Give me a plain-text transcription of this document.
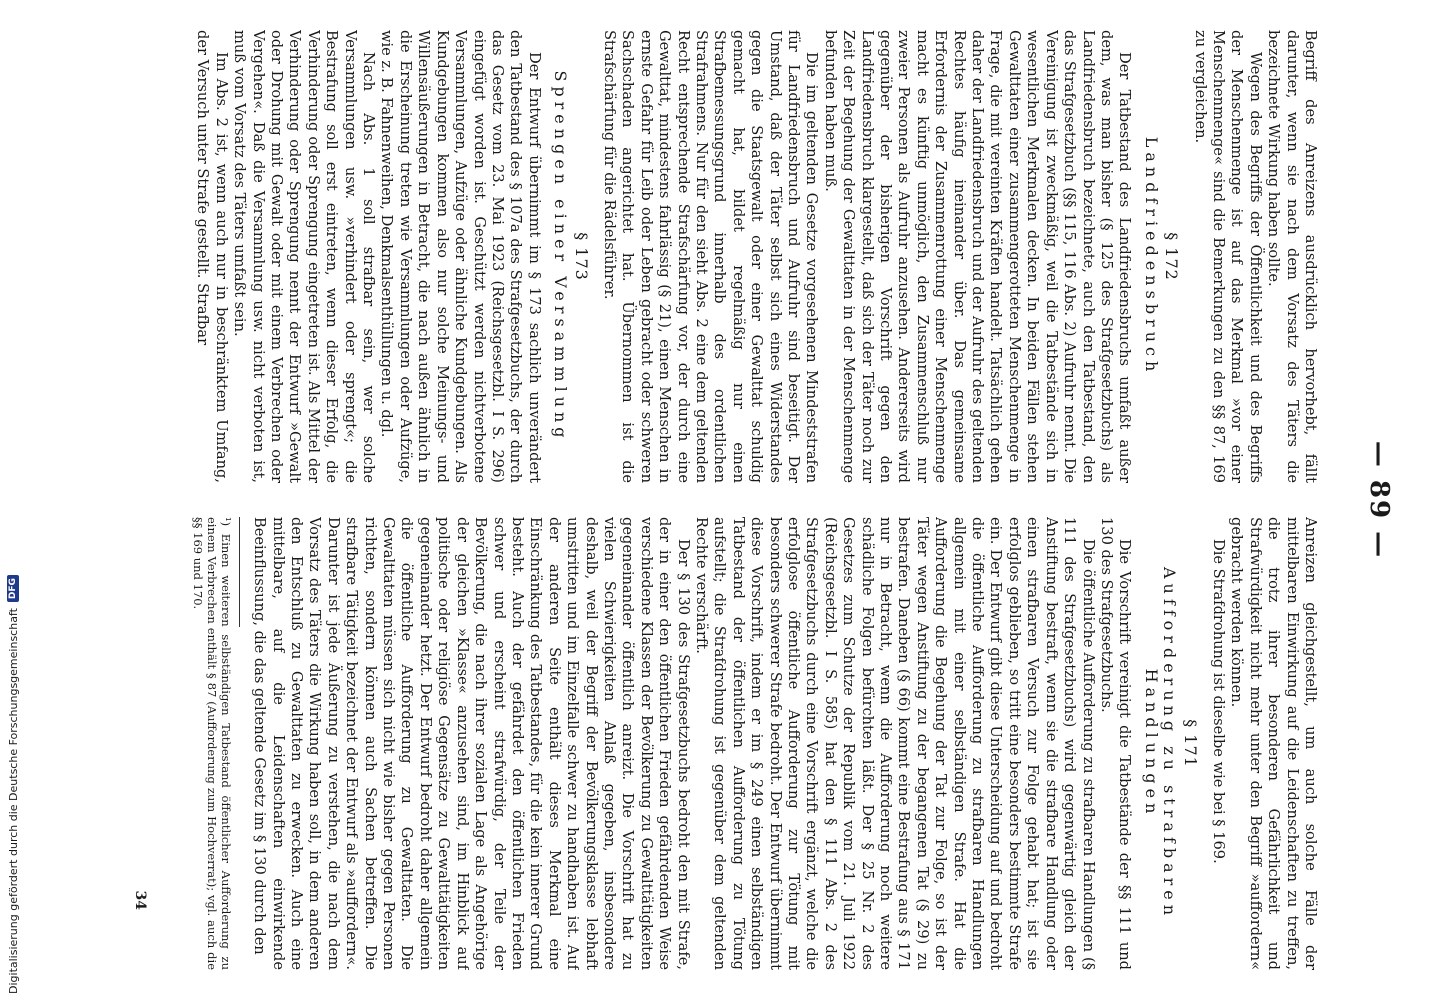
— 89 —

Begriff des Anreizens ausdrücklich hervorhebt, fällt darunter, wenn sie nach dem Vorsatz des Täters die bezeichnete Wirkung haben sollte.

Wegen des Begriffs der Öffentlichkeit und des Begriffs der Menschenmenge ist auf das Merkmal »vor einer Menschenmenge« sind die Bemerkungen zu den §§ 87, 169 zu vergleichen.

§ 172
Landfriedensbruch

Der Tatbestand des Landfriedensbruchs umfaßt außer dem, was man bisher (§ 125 des Strafgesetzbuchs) als Landfriedensbruch bezeichnete, auch den Tatbestand, den das Strafgesetzbuch (§§ 115, 116 Abs. 2) Aufruhr nennt. Die Vereinigung ist zweckmäßig, weil die Tatbestände sich in wesentlichen Merkmalen decken. In beiden Fällen stehen Gewalttaten einer zusammengerotteten Menschenmenge in Frage, die mit vereinten Kräften handelt. Tatsächlich gehen daher der Landfriedensbruch und der Aufruhr des geltenden Rechtes häufig ineinander über. Das gemeinsame Erfordernis der Zusammenrottung einer Menschenmenge macht es künftig unmöglich, den Zusammenschluß nur zweier Personen als Aufruhr anzusehen. Andererseits wird gegenüber der bisherigen Vorschrift gegen den Landfriedensbruch klargestellt, daß sich der Täter noch zur Zeit der Begehung der Gewalttaten in der Menschenmenge befunden haben muß.

Die im geltenden Gesetze vorgesehenen Mindeststrafen für Landfriedensbruch und Aufruhr sind beseitigt. Der Umstand, daß der Täter selbst sich eines Widerstandes gegen die Staatsgewalt oder einer Gewalttat schuldig gemacht hat, bildet regelmäßig nur einen Strafbemessungsgrund innerhalb des ordentlichen Strafrahmens. Nur für den sieht Abs. 2 eine dem geltenden Recht entsprechende Strafschärfung vor, der durch eine Gewalttat, mindestens fahrlässig (§ 21), einen Menschen in ernste Gefahr für Leib oder Leben gebracht oder schweren Sachschaden angerichtet hat. Übernommen ist die Strafschärfung für die Rädelsführer.

§ 173
Sprengen einer Versammlung

Der Entwurf übernimmt im § 173 sachlich unverändert den Tatbestand des § 107a des Strafgesetzbuchs, der durch das Gesetz vom 23. Mai 1923 (Reichsgesetzbl. I S. 296) eingefügt worden ist. Geschützt werden nichtverbotene Versammlungen, Aufzüge oder ähnliche Kundgebungen. Als Kundgebungen kommen also nur solche Meinungs- und Willensäußerungen in Betracht, die nach außen ähnlich in die Erscheinung treten wie Versammlungen oder Aufzüge, wie z. B. Fahnenweihen, Denkmalsenthüllungen u. dgl.

Nach Abs. 1 soll strafbar sein, wer solche Versammlungen usw. »verhindert oder sprengt«; die Bestrafung soll erst eintreten, wenn dieser Erfolg, die Verhinderung oder Sprengung eingetreten ist. Als Mittel der Verhinderung oder Sprengung nennt der Entwurf »Gewalt oder Drohung mit Gewalt oder mit einem Verbrechen oder Vergehen«. Daß die Versammlung usw. nicht verboten ist, muß vom Vorsatz des Täters umfaßt sein.

Im Abs. 2 ist, wenn auch nur in beschränktem Umfang, der Versuch unter Strafe gestellt. Strafbar

Anreizen gleichgestellt, um auch solche Fälle der mittelbaren Einwirkung auf die Leidenschaften zu treffen, die trotz ihrer besonderen Gefährlichkeit und Strafwürdigkeit nicht mehr unter den Begriff »auffordern« gebracht werden können.

Die Strafdrohung ist dieselbe wie bei § 169.

§ 171
Aufforderung zu strafbaren Handlungen

Die Vorschrift vereinigt die Tatbestände der §§ 111 und 130 des Strafgesetzbuchs.

Die öffentliche Aufforderung zu strafbaren Handlungen (§ 111 des Strafgesetzbuchs) wird gegenwärtig gleich der Anstiftung bestraft, wenn sie die strafbare Handlung oder einen strafbaren Versuch zur Folge gehabt hat; ist sie erfolglos geblieben, so tritt eine besonders bestimmte Strafe ein. Der Entwurf gibt diese Unterscheidung auf und bedroht die öffentliche Aufforderung zu strafbaren Handlungen allgemein mit einer selbständigen Strafe. Hat die Aufforderung die Begehung der Tat zur Folge, so ist der Täter wegen Anstiftung zu der begangenen Tat (§ 29) zu bestrafen. Daneben (§ 66) kommt eine Bestrafung aus § 171 nur in Betracht, wenn die Aufforderung noch weitere schädliche Folgen befürchten läßt. Der § 25 Nr. 2 des Gesetzes zum Schutze der Republik vom 21. Juli 1922 (Reichsgesetzbl. I S. 585) hat den § 111 Abs. 2 des Strafgesetzbuchs durch eine Vorschrift ergänzt, welche die erfolglose öffentliche Aufforderung zur Tötung mit besonders schwerer Strafe bedroht. Der Entwurf übernimmt diese Vorschrift, indem er im § 249 einen selbständigen Tatbestand der öffentlichen Aufforderung zu Tötung aufstellt; die Strafdrohung ist gegenüber dem geltenden Rechte verschärft.

Der § 130 des Strafgesetzbuchs bedroht den mit Strafe, der in einer den öffentlichen Frieden gefährdenden Weise verschiedene Klassen der Bevölkerung zu Gewalttätigkeiten gegeneinander öffentlich anreizt. Die Vorschrift hat zu vielen Schwierigkeiten Anlaß gegeben, insbesondere deshalb, weil der Begriff der Bevölkerungsklasse lebhaft umstritten und im Einzelfalle schwer zu handhaben ist. Auf der anderen Seite enthält dieses Merkmal eine Einschränkung des Tatbestandes, für die kein innerer Grund besteht. Auch der gefährdet den öffentlichen Frieden schwer und erscheint strafwürdig, der Teile der Bevölkerung, die nach ihrer sozialen Lage als Angehörige der gleichen »Klasse« anzusehen sind, im Hinblick auf politische oder religiöse Gegensätze zu Gewalttätigkeiten gegeneinander hetzt. Der Entwurf bedroht daher allgemein die öffentliche Aufforderung zu Gewalttaten. Die Gewalttaten müssen sich nicht wie bisher gegen Personen richten, sondern können auch Sachen betreffen. Die strafbare Tätigkeit bezeichnet der Entwurf als »auffordern«. Darunter ist jede Äußerung zu verstehen, die nach dem Vorsatz des Täters die Wirkung haben soll, in dem anderen den Entschluß zu Gewalttaten zu erwecken. Auch eine mittelbare, auf die Leidenschaften einwirkende Beeinflussung, die das geltende Gesetz im § 130 durch den

¹) Einen weiteren selbständigen Tatbestand öffentlicher Aufforderung zu einem Verbrechen enthält § 87 (Aufforderung zum Hochverrat); vgl. auch die §§ 169 und 170.
34
Digitalisierung gefördert durch die Deutsche Forschungsgemeinschaft
DFG
